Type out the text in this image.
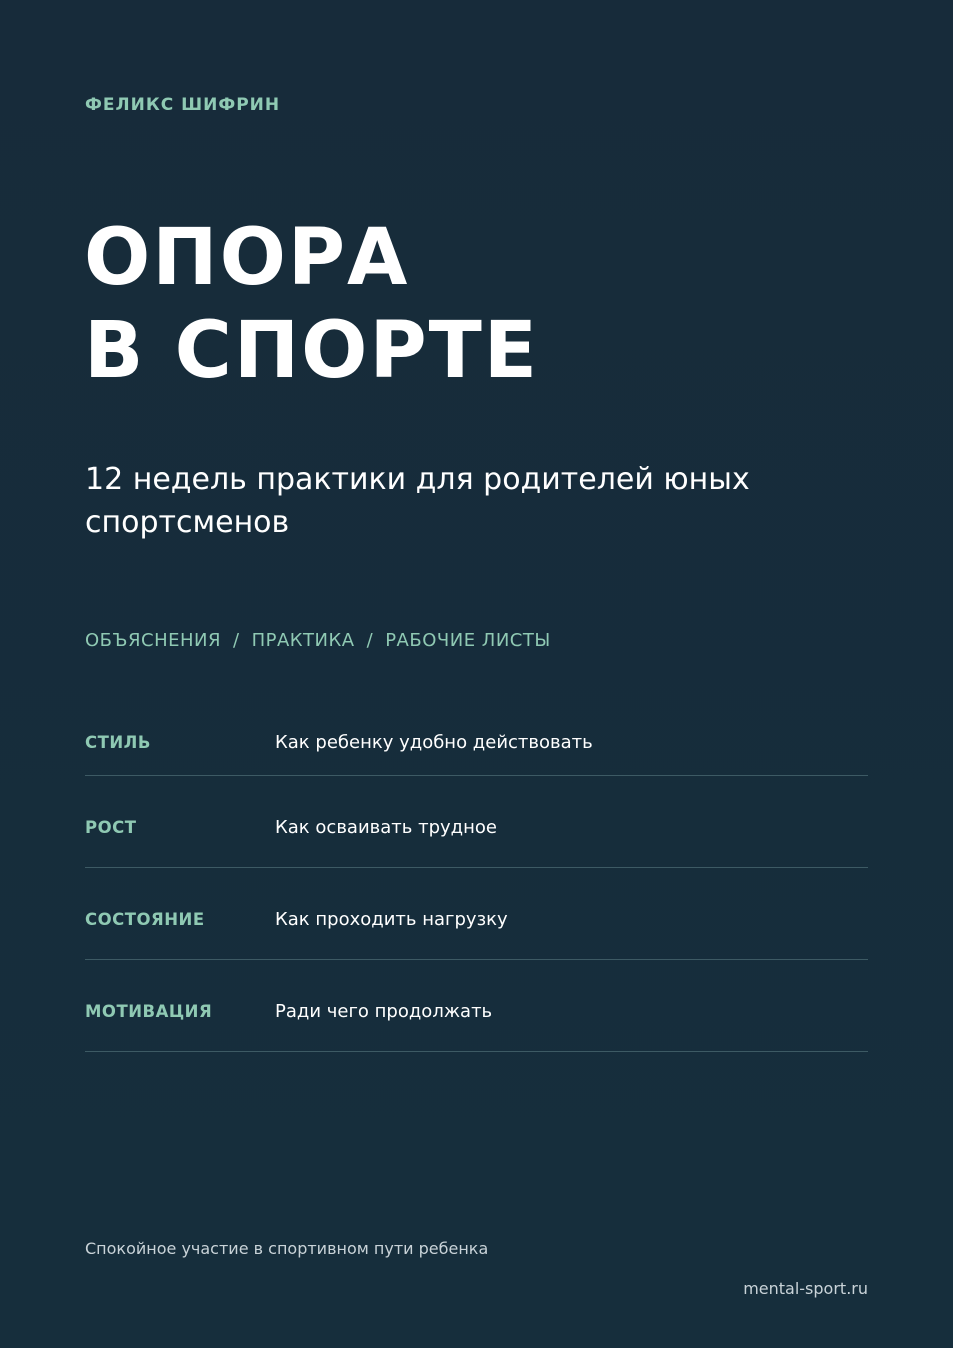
ФЕЛИКС ШИФРИН

ОПОРА
В СПОРТЕ

12 недель практики для родителей юных спортсменов

ОБЪЯСНЕНИЯ / ПРАКТИКА / РАБОЧИЕ ЛИСТЫ
СТИЛЬ	Как ребенку удобно действовать
РОСТ	Как осваивать трудное
СОСТОЯНИЕ	Как проходить нагрузку
МОТИВАЦИЯ	Ради чего продолжать

Спокойное участие в спортивном пути ребенка

mental-sport.ru
